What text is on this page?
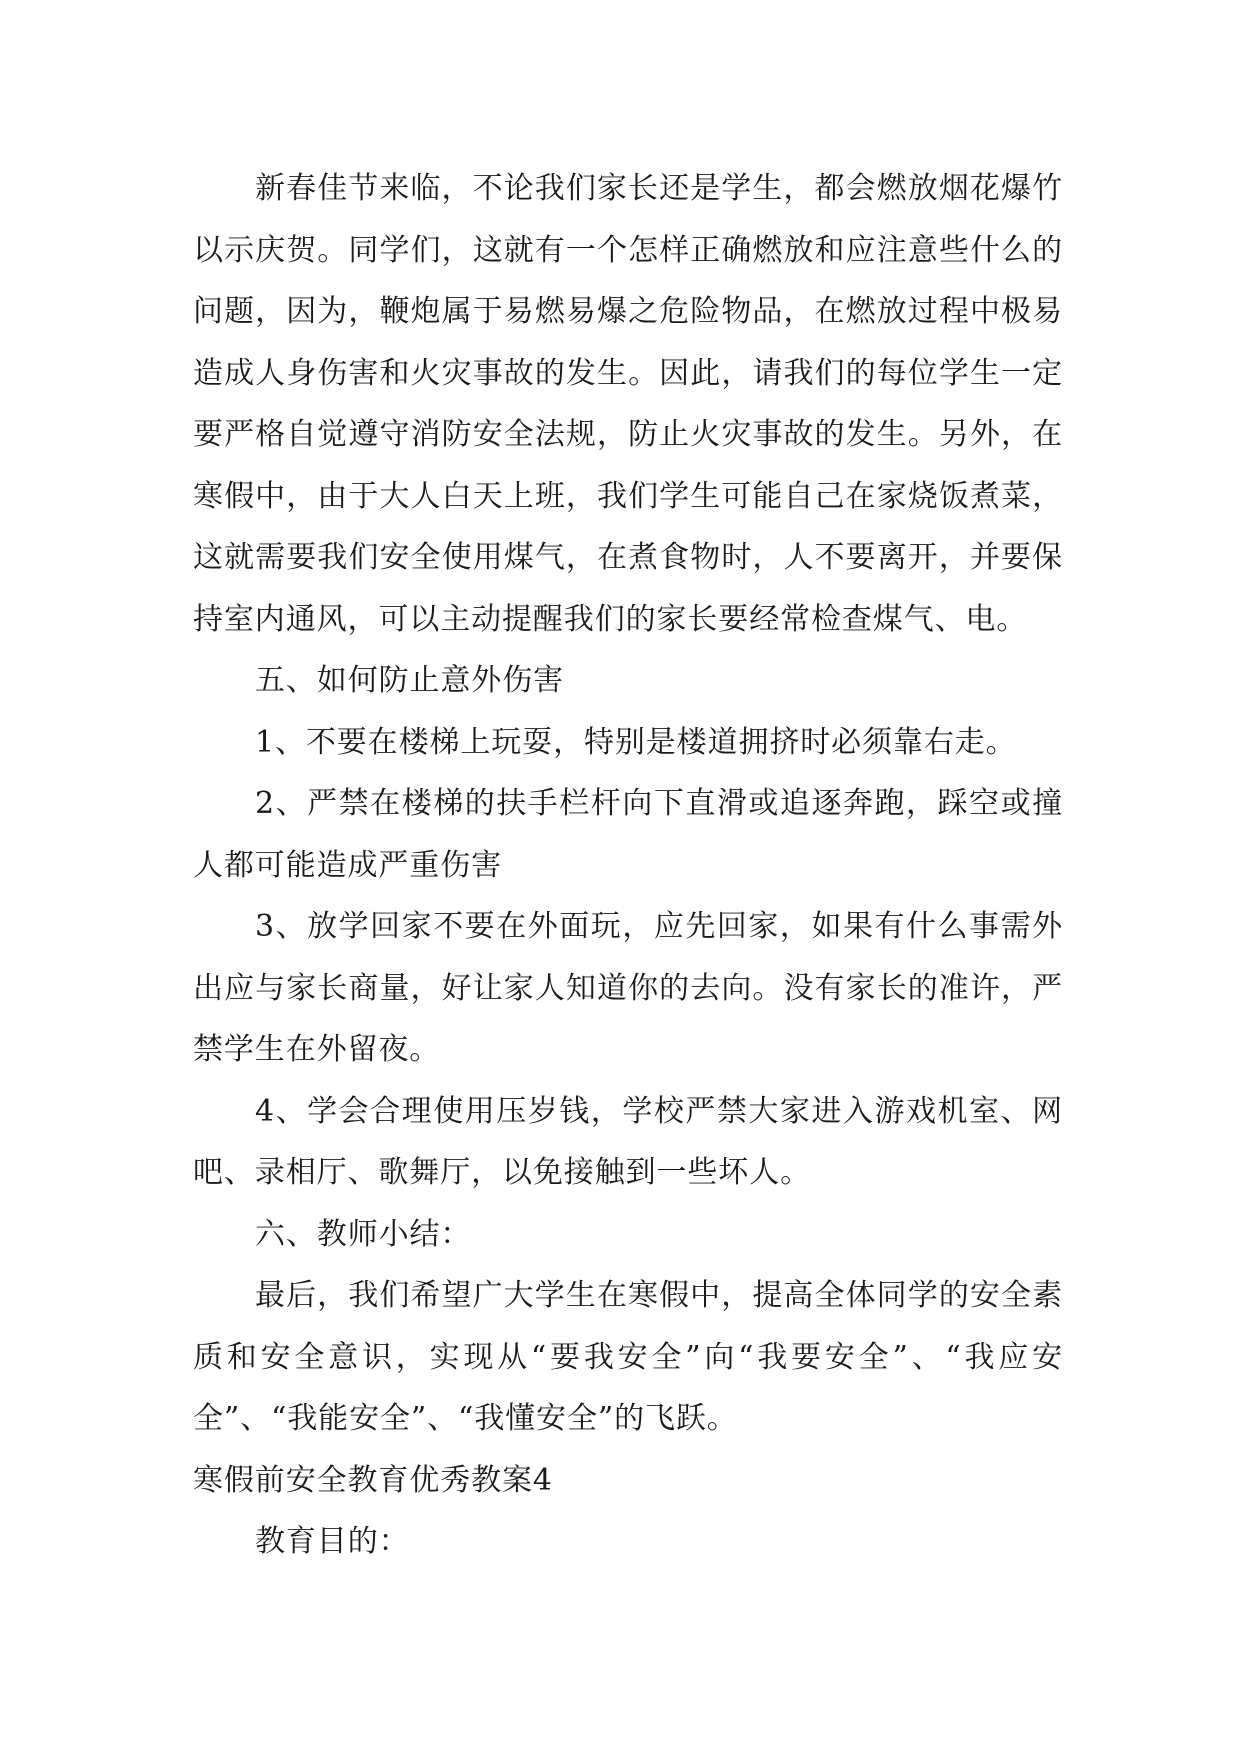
新春佳节来临，不论我们家长还是学生，都会燃放烟花爆竹以示庆贺。同学们，这就有一个怎样正确燃放和应注意些什么的问题，因为，鞭炮属于易燃易爆之危险物品，在燃放过程中极易造成人身伤害和火灾事故的发生。因此，请我们的每位学生一定要严格自觉遵守消防安全法规，防止火灾事故的发生。另外，在寒假中，由于大人白天上班，我们学生可能自己在家烧饭煮菜，这就需要我们安全使用煤气，在煮食物时，人不要离开，并要保持室内通风，可以主动提醒我们的家长要经常检查煤气、电。

五、如何防止意外伤害

1、不要在楼梯上玩耍，特别是楼道拥挤时必须靠右走。

2、严禁在楼梯的扶手栏杆向下直滑或追逐奔跑，踩空或撞人都可能造成严重伤害

3、放学回家不要在外面玩，应先回家，如果有什么事需外出应与家长商量，好让家人知道你的去向。没有家长的准许，严禁学生在外留夜。

4、学会合理使用压岁钱，学校严禁大家进入游戏机室、网吧、录相厅、歌舞厅，以免接触到一些坏人。

六、教师小结：

最后，我们希望广大学生在寒假中，提高全体同学的安全素质和安全意识，实现从“要我安全”向“我要安全”、“我应安全”、“我能安全”、“我懂安全”的飞跃。

寒假前安全教育优秀教案4

教育目的：
